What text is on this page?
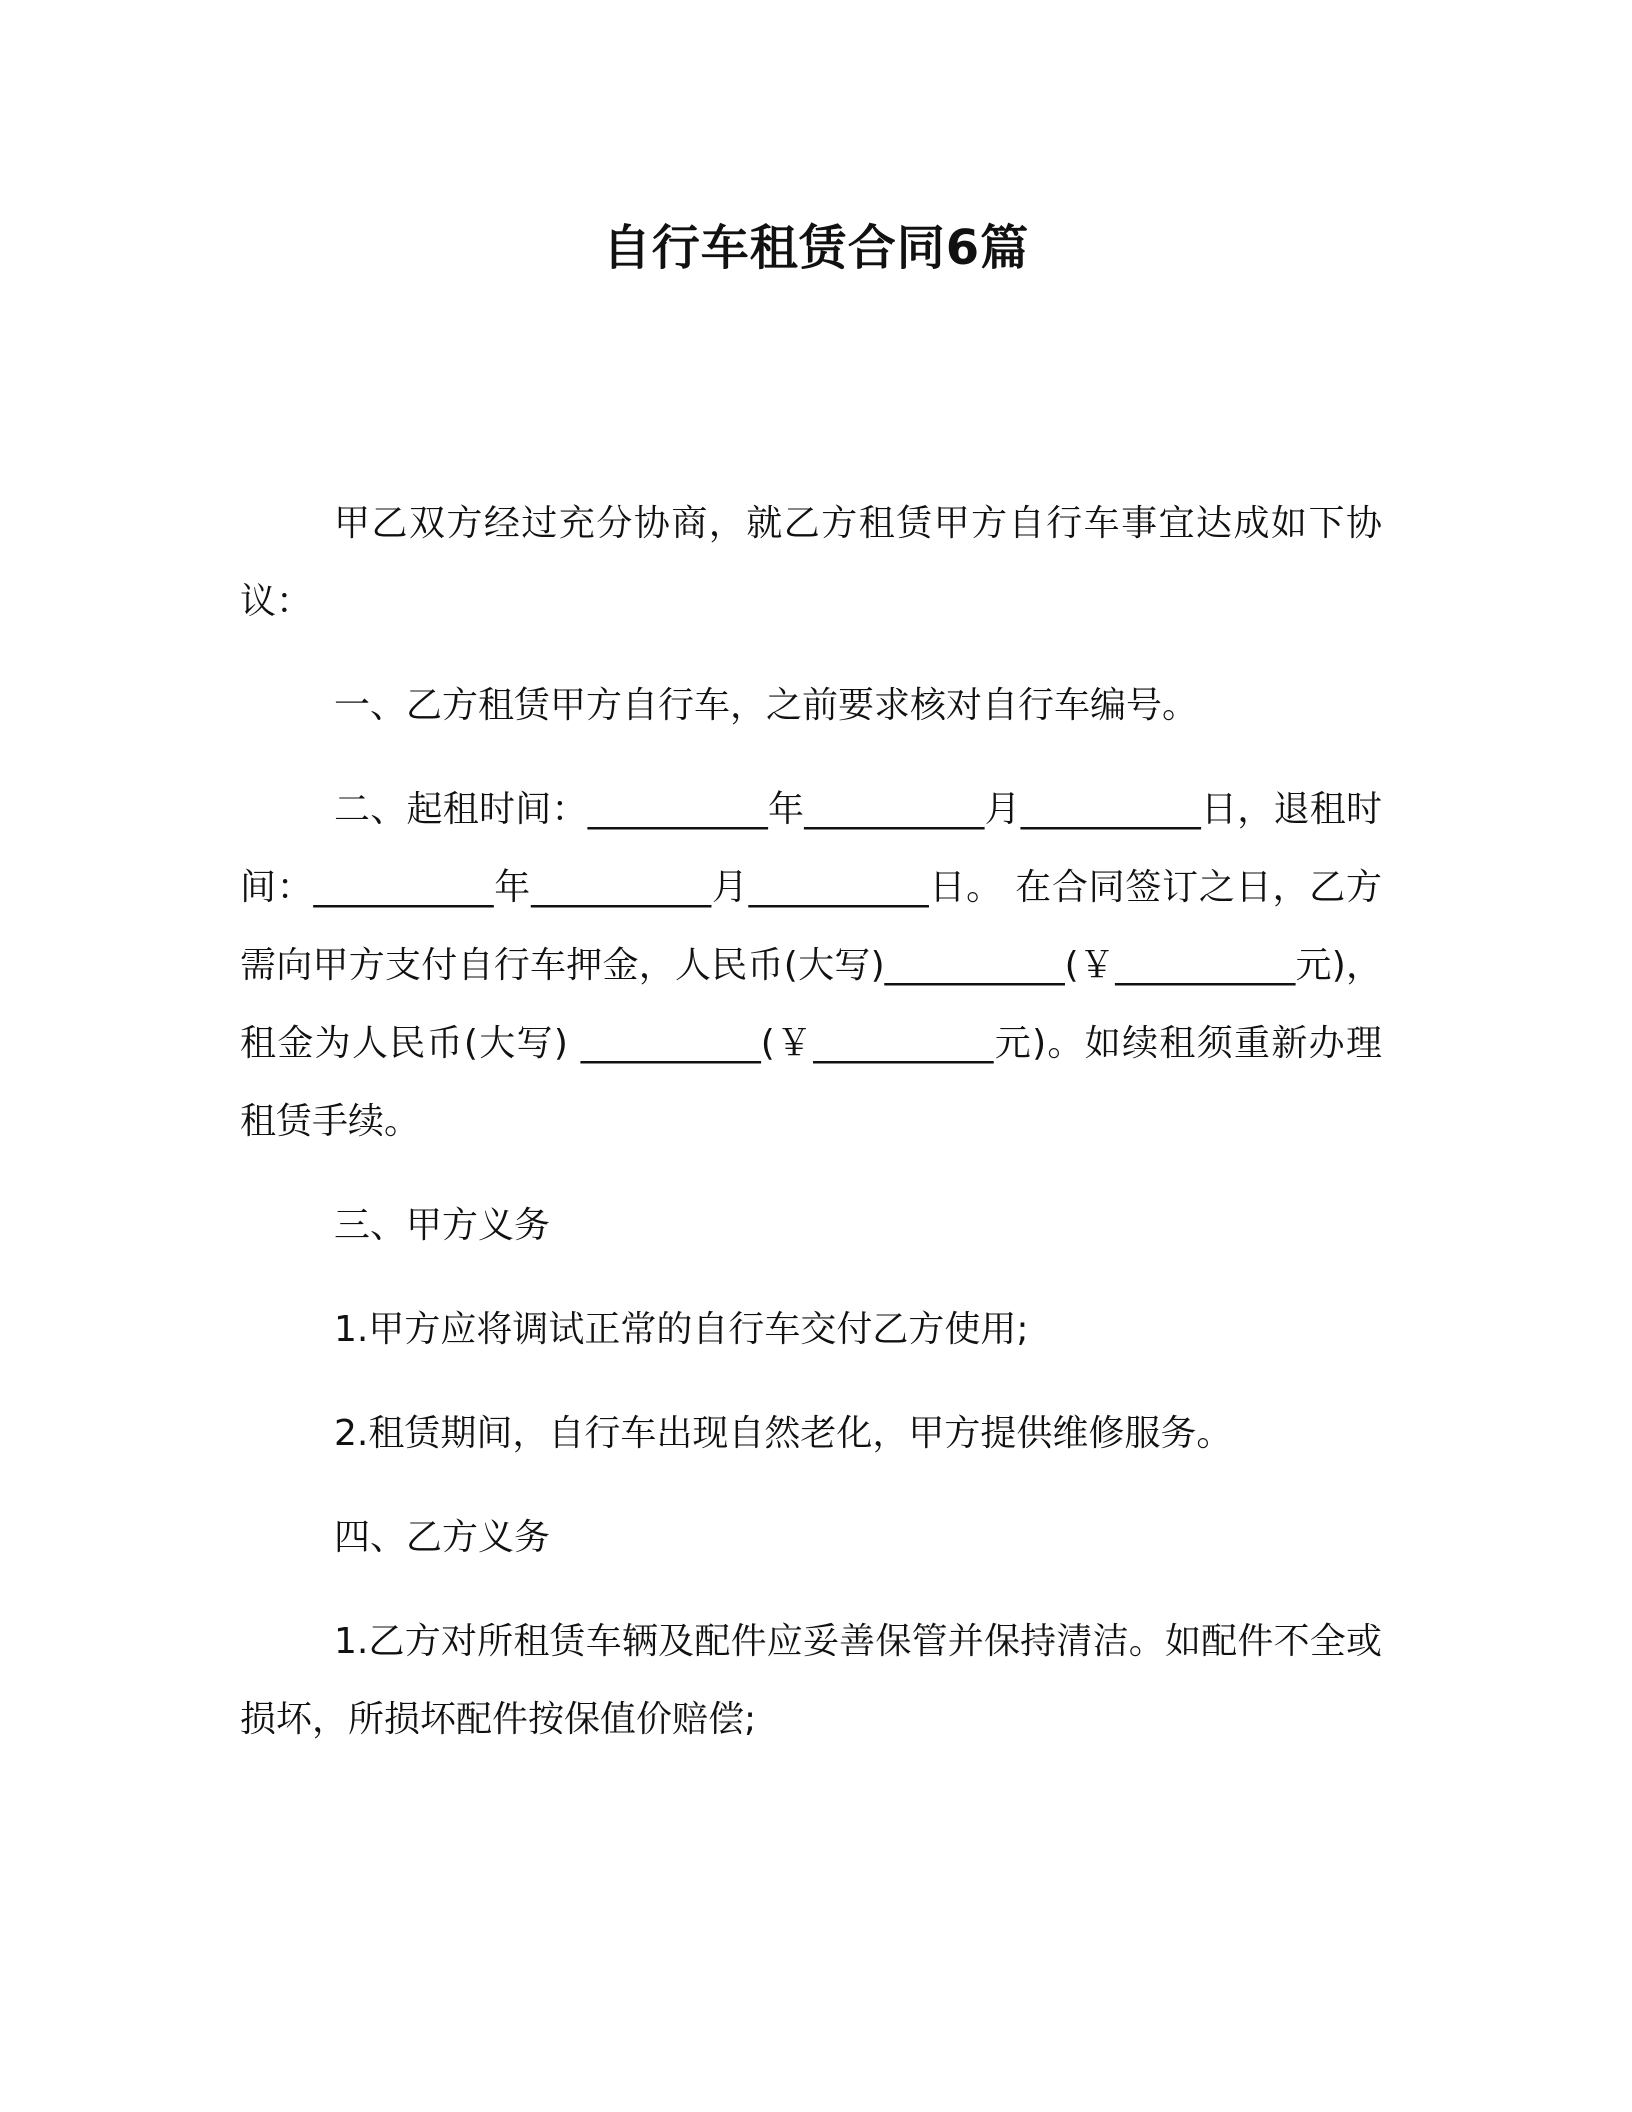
自行车租赁合同6篇

甲乙双方经过充分协商，就乙方租赁甲方自行车事宜达成如下协议：

一、乙方租赁甲方自行车，之前要求核对自行车编号。

二、起租时间：__________年__________月__________日，退租时间：__________年__________月__________日。 在合同签订之日，乙方需向甲方支付自行车押金，人民币(大写)__________(￥__________元)，租金为人民币(大写) __________(￥__________元)。如续租须重新办理租赁手续。

三、甲方义务

1.甲方应将调试正常的自行车交付乙方使用;

2.租赁期间，自行车出现自然老化，甲方提供维修服务。

四、乙方义务

1.乙方对所租赁车辆及配件应妥善保管并保持清洁。如配件不全或损坏，所损坏配件按保值价赔偿;
